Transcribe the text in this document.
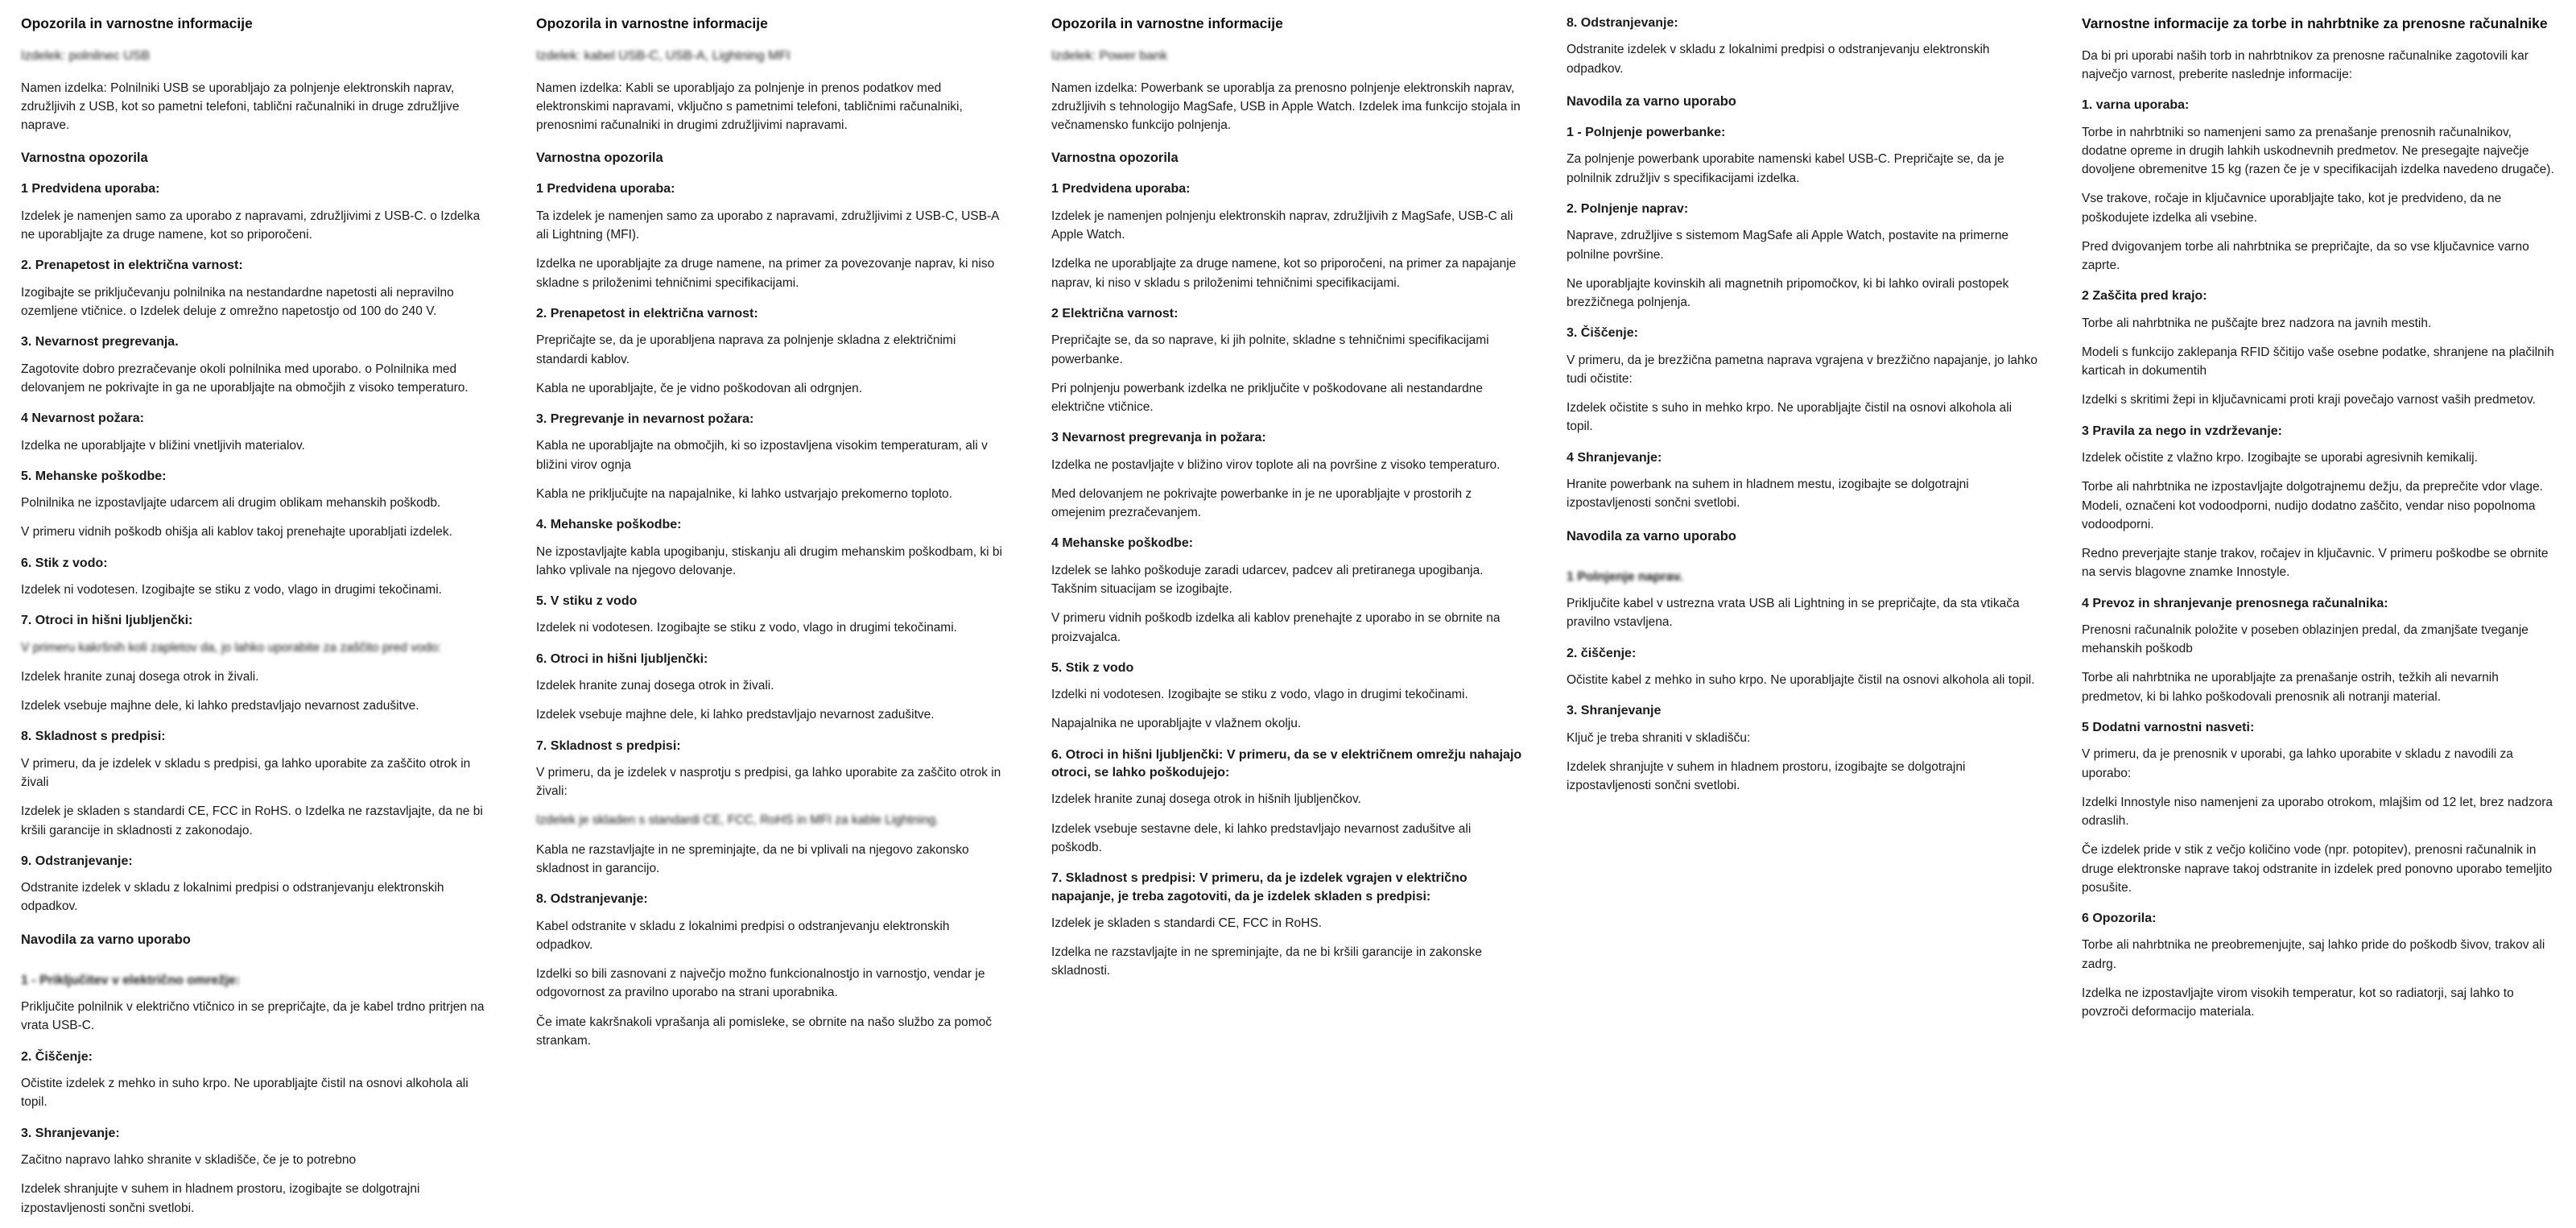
Opozorila in varnostne informacije
Izdelek: polnilnec USB

Namen izdelka: Polnilniki USB se uporabljajo za polnjenje elektronskih naprav, združljivih z USB, kot so pametni telefoni, tablični računalniki in druge združljive naprave.

Varnostna opozorila
1 Predvidena uporaba:

Izdelek je namenjen samo za uporabo z napravami, združljivimi z USB-C. o Izdelka ne uporabljajte za druge namene, kot so priporočeni.

2. Prenapetost in električna varnost:

Izogibajte se priključevanju polnilnika na nestandardne napetosti ali nepravilno ozemljene vtičnice. o Izdelek deluje z omrežno napetostjo od 100 do 240 V.

3. Nevarnost pregrevanja.

Zagotovite dobro prezračevanje okoli polnilnika med uporabo. o Polnilnika med delovanjem ne pokrivajte in ga ne uporabljajte na območjih z visoko temperaturo.

4 Nevarnost požara:

Izdelka ne uporabljajte v bližini vnetljivih materialov.

5. Mehanske poškodbe:

Polnilnika ne izpostavljajte udarcem ali drugim oblikam mehanskih poškodb.

V primeru vidnih poškodb ohišja ali kablov takoj prenehajte uporabljati izdelek.

6. Stik z vodo:

Izdelek ni vodotesen. Izogibajte se stiku z vodo, vlago in drugimi tekočinami.

7. Otroci in hišni ljubljenčki:

V primeru kakršnih koli zapletov da, jo lahko uporabite za zaščito pred vodo:

Izdelek hranite zunaj dosega otrok in živali.

Izdelek vsebuje majhne dele, ki lahko predstavljajo nevarnost zadušitve.

8. Skladnost s predpisi:

V primeru, da je izdelek v skladu s predpisi, ga lahko uporabite za zaščito otrok in živali

Izdelek je skladen s standardi CE, FCC in RoHS. o Izdelka ne razstavljajte, da ne bi kršili garancije in skladnosti z zakonodajo.

9. Odstranjevanje:

Odstranite izdelek v skladu z lokalnimi predpisi o odstranjevanju elektronskih odpadkov.

Navodila za varno uporabo
1 - Priključitev v električno omrežje:

Priključite polnilnik v električno vtičnico in se prepričajte, da je kabel trdno pritrjen na vrata USB-C.

2. Čiščenje:

Očistite izdelek z mehko in suho krpo. Ne uporabljajte čistil na osnovi alkohola ali topil.

3. Shranjevanje:

Začitno napravo lahko shranite v skladišče, če je to potrebno

Izdelek shranjujte v suhem in hladnem prostoru, izogibajte se dolgotrajni izpostavljenosti sončni svetlobi.

Opozorila in varnostne informacije
Izdelek: kabel USB-C, USB-A, Lightning MFI

Namen izdelka: Kabli se uporabljajo za polnjenje in prenos podatkov med elektronskimi napravami, vključno s pametnimi telefoni, tabličnimi računalniki, prenosnimi računalniki in drugimi združljivimi napravami.

Varnostna opozorila
1 Predvidena uporaba:

Ta izdelek je namenjen samo za uporabo z napravami, združljivimi z USB-C, USB-A ali Lightning (MFI).

Izdelka ne uporabljajte za druge namene, na primer za povezovanje naprav, ki niso skladne s priloženimi tehničnimi specifikacijami.

2. Prenapetost in električna varnost:

Prepričajte se, da je uporabljena naprava za polnjenje skladna z električnimi standardi kablov.

Kabla ne uporabljajte, če je vidno poškodovan ali odrgnjen.

3. Pregrevanje in nevarnost požara:

Kabla ne uporabljajte na območjih, ki so izpostavljena visokim temperaturam, ali v bližini virov ognja

Kabla ne priključujte na napajalnike, ki lahko ustvarjajo prekomerno toploto.

4. Mehanske poškodbe:

Ne izpostavljajte kabla upogibanju, stiskanju ali drugim mehanskim poškodbam, ki bi lahko vplivale na njegovo delovanje.

5. V stiku z vodo

Izdelek ni vodotesen. Izogibajte se stiku z vodo, vlago in drugimi tekočinami.

6. Otroci in hišni ljubljenčki:

Izdelek hranite zunaj dosega otrok in živali.

Izdelek vsebuje majhne dele, ki lahko predstavljajo nevarnost zadušitve.

7. Skladnost s predpisi:

V primeru, da je izdelek v nasprotju s predpisi, ga lahko uporabite za zaščito otrok in živali:

Izdelek je skladen s standardi CE, FCC, RoHS in MFI za kable Lightning.

Kabla ne razstavljajte in ne spreminjajte, da ne bi vplivali na njegovo zakonsko skladnost in garancijo.

8. Odstranjevanje:

Kabel odstranite v skladu z lokalnimi predpisi o odstranjevanju elektronskih odpadkov.

Izdelki so bili zasnovani z največjo možno funkcionalnostjo in varnostjo, vendar je odgovornost za pravilno uporabo na strani uporabnika.

Če imate kakršnakoli vprašanja ali pomisleke, se obrnite na našo službo za pomoč strankam.

Opozorila in varnostne informacije
Izdelek: Power bank

Namen izdelka: Powerbank se uporablja za prenosno polnjenje elektronskih naprav, združljivih s tehnologijo MagSafe, USB in Apple Watch. Izdelek ima funkcijo stojala in večnamensko funkcijo polnjenja.

Varnostna opozorila
1 Predvidena uporaba:

Izdelek je namenjen polnjenju elektronskih naprav, združljivih z MagSafe, USB-C ali Apple Watch.

Izdelka ne uporabljajte za druge namene, kot so priporočeni, na primer za napajanje naprav, ki niso v skladu s priloženimi tehničnimi specifikacijami.

2 Električna varnost:

Prepričajte se, da so naprave, ki jih polnite, skladne s tehničnimi specifikacijami powerbanke.

Pri polnjenju powerbank izdelka ne priključite v poškodovane ali nestandardne električne vtičnice.

3 Nevarnost pregrevanja in požara:

Izdelka ne postavljajte v bližino virov toplote ali na površine z visoko temperaturo.

Med delovanjem ne pokrivajte powerbanke in je ne uporabljajte v prostorih z omejenim prezračevanjem.

4 Mehanske poškodbe:

Izdelek se lahko poškoduje zaradi udarcev, padcev ali pretiranega upogibanja. Takšnim situacijam se izogibajte.

V primeru vidnih poškodb izdelka ali kablov prenehajte z uporabo in se obrnite na proizvajalca.

5. Stik z vodo

Izdelki ni vodotesen. Izogibajte se stiku z vodo, vlago in drugimi tekočinami.

Napajalnika ne uporabljajte v vlažnem okolju.

6. Otroci in hišni ljubljenčki: V primeru, da se v električnem omrežju nahajajo otroci, se lahko poškodujejo:

Izdelek hranite zunaj dosega otrok in hišnih ljubljenčkov.

Izdelek vsebuje sestavne dele, ki lahko predstavljajo nevarnost zadušitve ali poškodb.

7. Skladnost s predpisi: V primeru, da je izdelek vgrajen v električno napajanje, je treba zagotoviti, da je izdelek skladen s predpisi:

Izdelek je skladen s standardi CE, FCC in RoHS.

Izdelka ne razstavljajte in ne spreminjajte, da ne bi kršili garancije in zakonske skladnosti.

8. Odstranjevanje:

Odstranite izdelek v skladu z lokalnimi predpisi o odstranjevanju elektronskih odpadkov.

Navodila za varno uporabo
1 - Polnjenje powerbanke:

Za polnjenje powerbank uporabite namenski kabel USB-C. Prepričajte se, da je polnilnik združljiv s specifikacijami izdelka.

2. Polnjenje naprav:

Naprave, združljive s sistemom MagSafe ali Apple Watch, postavite na primerne polnilne površine.

Ne uporabljajte kovinskih ali magnetnih pripomočkov, ki bi lahko ovirali postopek brezžičnega polnjenja.

3. Čiščenje:

V primeru, da je brezžična pametna naprava vgrajena v brezžično napajanje, jo lahko tudi očistite:

Izdelek očistite s suho in mehko krpo. Ne uporabljajte čistil na osnovi alkohola ali topil.

4 Shranjevanje:

Hranite powerbank na suhem in hladnem mestu, izogibajte se dolgotrajni izpostavljenosti sončni svetlobi.

Navodila za varno uporabo
1 Polnjenje naprav.

Priključite kabel v ustrezna vrata USB ali Lightning in se prepričajte, da sta vtikača pravilno vstavljena.

2. čiščenje:

Očistite kabel z mehko in suho krpo. Ne uporabljajte čistil na osnovi alkohola ali topil.

3. Shranjevanje

Ključ je treba shraniti v skladišču:

Izdelek shranjujte v suhem in hladnem prostoru, izogibajte se dolgotrajni izpostavljenosti sončni svetlobi.

Varnostne informacije za torbe in nahrbtnike za prenosne računalnike

Da bi pri uporabi naših torb in nahrbtnikov za prenosne računalnike zagotovili kar največjo varnost, preberite naslednje informacije:

1. varna uporaba:

Torbe in nahrbtniki so namenjeni samo za prenašanje prenosnih računalnikov, dodatne opreme in drugih lahkih uskodnevnih predmetov. Ne presegajte največje dovoljene obremenitve 15 kg (razen če je v specifikacijah izdelka navedeno drugače).

Vse trakove, ročaje in ključavnice uporabljajte tako, kot je predvideno, da ne poškodujete izdelka ali vsebine.

Pred dvigovanjem torbe ali nahrbtnika se prepričajte, da so vse ključavnice varno zaprte.

2 Zaščita pred krajo:

Torbe ali nahrbtnika ne puščajte brez nadzora na javnih mestih.

Modeli s funkcijo zaklepanja RFID ščitijo vaše osebne podatke, shranjene na plačilnih karticah in dokumentih

Izdelki s skritimi žepi in ključavnicami proti kraji povečajo varnost vaših predmetov.

3 Pravila za nego in vzdrževanje:

Izdelek očistite z vlažno krpo. Izogibajte se uporabi agresivnih kemikalij.

Torbe ali nahrbtnika ne izpostavljajte dolgotrajnemu dežju, da preprečite vdor vlage. Modeli, označeni kot vodoodporni, nudijo dodatno zaščito, vendar niso popolnoma vodoodporni.

Redno preverjajte stanje trakov, ročajev in ključavnic. V primeru poškodbe se obrnite na servis blagovne znamke Innostyle.

4 Prevoz in shranjevanje prenosnega računalnika:

Prenosni računalnik položite v poseben oblazinjen predal, da zmanjšate tveganje mehanskih poškodb

Torbe ali nahrbtnika ne uporabljajte za prenašanje ostrih, težkih ali nevarnih predmetov, ki bi lahko poškodovali prenosnik ali notranji material.

5 Dodatni varnostni nasveti:

V primeru, da je prenosnik v uporabi, ga lahko uporabite v skladu z navodili za uporabo:

Izdelki Innostyle niso namenjeni za uporabo otrokom, mlajšim od 12 let, brez nadzora odraslih.

Če izdelek pride v stik z večjo količino vode (npr. potopitev), prenosni računalnik in druge elektronske naprave takoj odstranite in izdelek pred ponovno uporabo temeljito posušite.

6 Opozorila:

Torbe ali nahrbtnika ne preobremenjujte, saj lahko pride do poškodb šivov, trakov ali zadrg.

Izdelka ne izpostavljajte virom visokih temperatur, kot so radiatorji, saj lahko to povzroči deformacijo materiala.
